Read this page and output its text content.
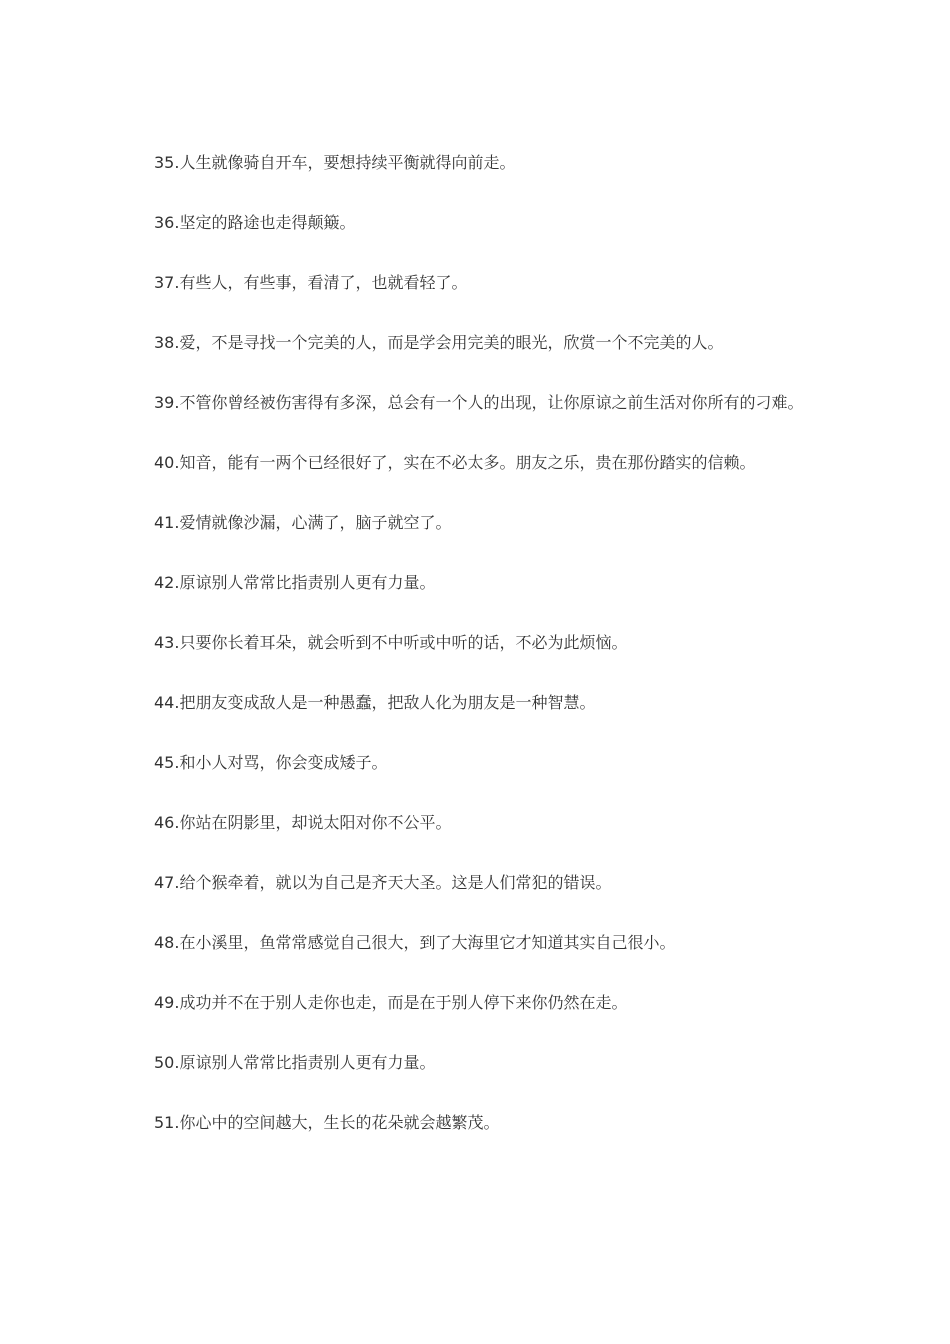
35.人生就像骑自开车，要想持续平衡就得向前走。
36.坚定的路途也走得颠簸。
37.有些人，有些事，看清了，也就看轻了。
38.爱，不是寻找一个完美的人，而是学会用完美的眼光，欣赏一个不完美的人。
39.不管你曾经被伤害得有多深，总会有一个人的出现，让你原谅之前生活对你所有的刁难。
40.知音，能有一两个已经很好了，实在不必太多。朋友之乐，贵在那份踏实的信赖。
41.爱情就像沙漏，心满了，脑子就空了。
42.原谅别人常常比指责别人更有力量。
43.只要你长着耳朵，就会听到不中听或中听的话，不必为此烦恼。
44.把朋友变成敌人是一种愚蠢，把敌人化为朋友是一种智慧。
45.和小人对骂，你会变成矮子。
46.你站在阴影里，却说太阳对你不公平。
47.给个猴牵着，就以为自己是齐天大圣。这是人们常犯的错误。
48.在小溪里，鱼常常感觉自己很大，到了大海里它才知道其实自己很小。
49.成功并不在于别人走你也走，而是在于别人停下来你仍然在走。
50.原谅别人常常比指责别人更有力量。
51.你心中的空间越大，生长的花朵就会越繁茂。
